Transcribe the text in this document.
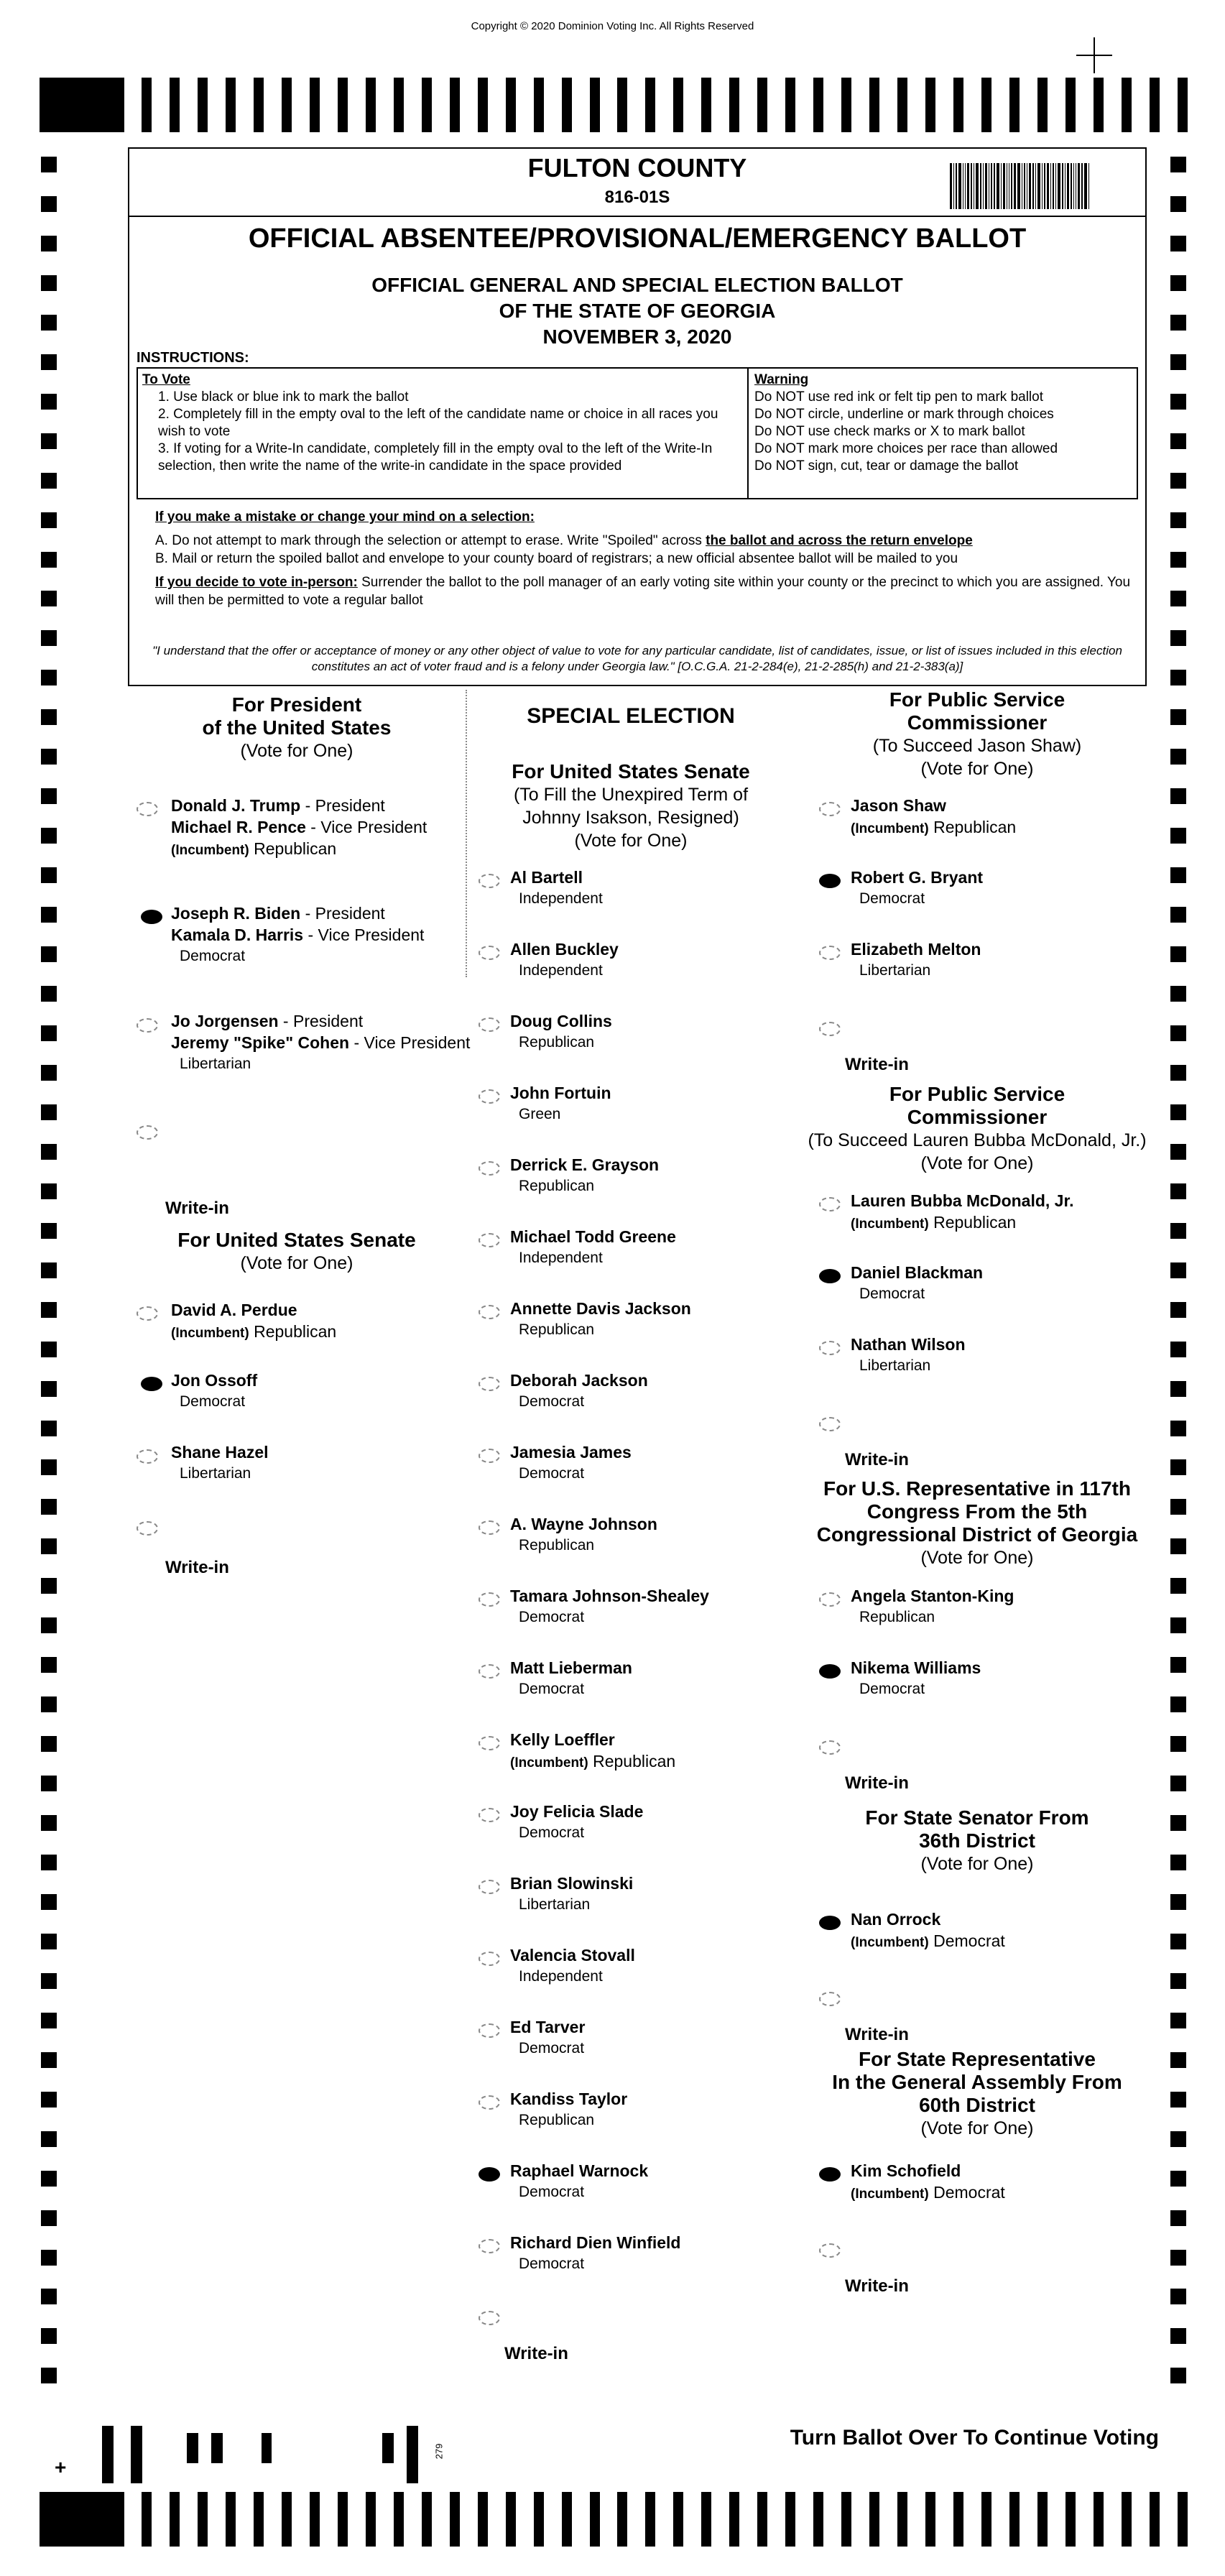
Copyright © 2020 Dominion Voting Inc. All Rights Reserved
FULTON COUNTY
816-01S
OFFICIAL ABSENTEE/PROVISIONAL/EMERGENCY BALLOT
OFFICIAL GENERAL AND SPECIAL ELECTION BALLOT
OF THE STATE OF GEORGIA
NOVEMBER 3, 2020
INSTRUCTIONS:
To Vote
1. Use black or blue ink to mark the ballot
2. Completely fill in the empty oval to the left of the candidate name or choice in all races you wish to vote
3. If voting for a Write-In candidate, completely fill in the empty oval to the left of the Write-In selection, then write the name of the write-in candidate in the space provided
Warning
Do NOT use red ink or felt tip pen to mark ballot
Do NOT circle, underline or mark through choices
Do NOT use check marks or X to mark ballot
Do NOT mark more choices per race than allowed
Do NOT sign, cut, tear or damage the ballot

If you make a mistake or change your mind on a selection:

A. Do not attempt to mark through the selection or attempt to erase. Write "Spoiled" across the ballot and across the return envelope

B. Mail or return the spoiled ballot and envelope to your county board of registrars; a new official absentee ballot will be mailed to you

If you decide to vote in-person: Surrender the ballot to the poll manager of an early voting site within your county or the precinct to which you are assigned. You will then be permitted to vote a regular ballot

"I understand that the offer or acceptance of money or any other object of value to vote for any particular candidate, list of candidates, issue, or list of issues included in this election constitutes an act of voter fraud and is a felony under Georgia law." [O.C.G.A. 21-2-284(e), 21-2-285(h) and 21-2-383(a)]
For President
of the United States
(Vote for One)
Donald J. Trump - President
Michael R. Pence - Vice President
(Incumbent) Republican
Joseph R. Biden - President
Kamala D. Harris - Vice President
Democrat
Jo Jorgensen - President
Jeremy "Spike" Cohen - Vice President
Libertarian
Write-in
For United States Senate
(Vote for One)
David A. Perdue
(Incumbent) Republican
Jon Ossoff
Democrat
Shane Hazel
Libertarian
Write-in
SPECIAL ELECTION
For United States Senate
(To Fill the Unexpired Term of
Johnny Isakson, Resigned)
(Vote for One)
Al Bartell
Independent
Allen Buckley
Independent
Doug Collins
Republican
John Fortuin
Green
Derrick E. Grayson
Republican
Michael Todd Greene
Independent
Annette Davis Jackson
Republican
Deborah Jackson
Democrat
Jamesia James
Democrat
A. Wayne Johnson
Republican
Tamara Johnson-Shealey
Democrat
Matt Lieberman
Democrat
Kelly Loeffler
(Incumbent) Republican
Joy Felicia Slade
Democrat
Brian Slowinski
Libertarian
Valencia Stovall
Independent
Ed Tarver
Democrat
Kandiss Taylor
Republican
Raphael Warnock
Democrat
Richard Dien Winfield
Democrat
Write-in
For Public Service
Commissioner
(To Succeed Jason Shaw)
(Vote for One)
Jason Shaw
(Incumbent) Republican
Robert G. Bryant
Democrat
Elizabeth Melton
Libertarian
Write-in
Lauren Bubba McDonald, Jr.
(Incumbent) Republican
Daniel Blackman
Democrat
Nathan Wilson
Libertarian
Write-in
Angela Stanton-King
Republican
Nikema Williams
Democrat
Write-in
Nan Orrock
(Incumbent) Democrat
Write-in
Kim Schofield
(Incumbent) Democrat
Write-in
For Public Service
Commissioner
(To Succeed Lauren Bubba McDonald, Jr.)
(Vote for One)
For U.S. Representative in 117th
Congress From the 5th
Congressional District of Georgia
(Vote for One)
For State Senator From
36th District
(Vote for One)
For State Representative
In the General Assembly From
60th District
(Vote for One)
+
279
Turn Ballot Over To Continue Voting
